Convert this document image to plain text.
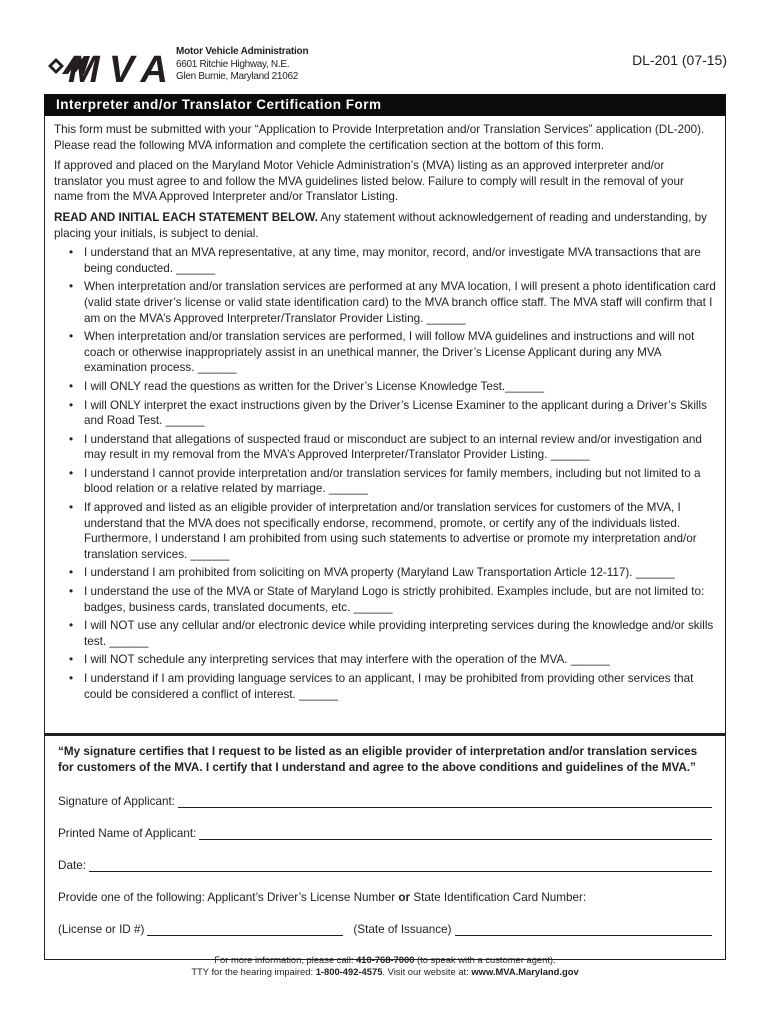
MVA Motor Vehicle Administration
6601 Ritchie Highway, N.E.
Glen Burnie, Maryland 21062
DL-201 (07-15)
Interpreter and/or Translator Certification Form

This form must be submitted with your “Application to Provide Interpretation and/or Translation Services” application (DL-200). Please read the following MVA information and complete the certification section at the bottom of this form.

If approved and placed on the Maryland Motor Vehicle Administration’s (MVA) listing as an approved interpreter and/or translator you must agree to and follow the MVA guidelines listed below. Failure to comply will result in the removal of your name from the MVA Approved Interpreter and/or Translator Listing.

READ AND INITIAL EACH STATEMENT BELOW. Any statement without acknowledgement of reading and understanding, by placing your initials, is subject to denial.

• I understand that an MVA representative, at any time, may monitor, record, and/or investigate MVA transactions that are being conducted. ______
• When interpretation and/or translation services are performed at any MVA location, I will present a photo identification card (valid state driver’s license or valid state identification card) to the MVA branch office staff. The MVA staff will confirm that I am on the MVA’s Approved Interpreter/Translator Provider Listing. ______
• When interpretation and/or translation services are performed, I will follow MVA guidelines and instructions and will not coach or otherwise inappropriately assist in an unethical manner, the Driver’s License Applicant during any MVA examination process. ______
• I will ONLY read the questions as written for the Driver’s License Knowledge Test.______
• I will ONLY interpret the exact instructions given by the Driver’s License Examiner to the applicant during a Driver’s Skills and Road Test. ______
• I understand that allegations of suspected fraud or misconduct are subject to an internal review and/or investigation and may result in my removal from the MVA’s Approved Interpreter/Translator Provider Listing. ______
• I understand I cannot provide interpretation and/or translation services for family members, including but not limited to a blood relation or a relative related by marriage. ______
• If approved and listed as an eligible provider of interpretation and/or translation services for customers of the MVA, I understand that the MVA does not specifically endorse, recommend, promote, or certify any of the individuals listed. Furthermore, I understand I am prohibited from using such statements to advertise or promote my interpretation and/or translation services. ______
• I understand I am prohibited from soliciting on MVA property (Maryland Law Transportation Article 12-117). ______
• I understand the use of the MVA or State of Maryland Logo is strictly prohibited. Examples include, but are not limited to: badges, business cards, translated documents, etc. ______
• I will NOT use any cellular and/or electronic device while providing interpreting services during the knowledge and/or skills test. ______
• I will NOT schedule any interpreting services that may interfere with the operation of the MVA. ______
• I understand if I am providing language services to an applicant, I may be prohibited from providing other services that could be considered a conflict of interest. ______
“My signature certifies that I request to be listed as an eligible provider of interpretation and/or translation services for customers of the MVA. I certify that I understand and agree to the above conditions and guidelines of the MVA.”
Signature of Applicant:
Printed Name of Applicant:
Date:
Provide one of the following: Applicant’s Driver’s License Number
or
State Identification Card Number:
(License or ID #)	(State of Issuance)
For more information, please call: 410-768-7000 (to speak with a customer agent).
TTY for the hearing impaired: 1-800-492-4575. Visit our website at: www.MVA.Maryland.gov
